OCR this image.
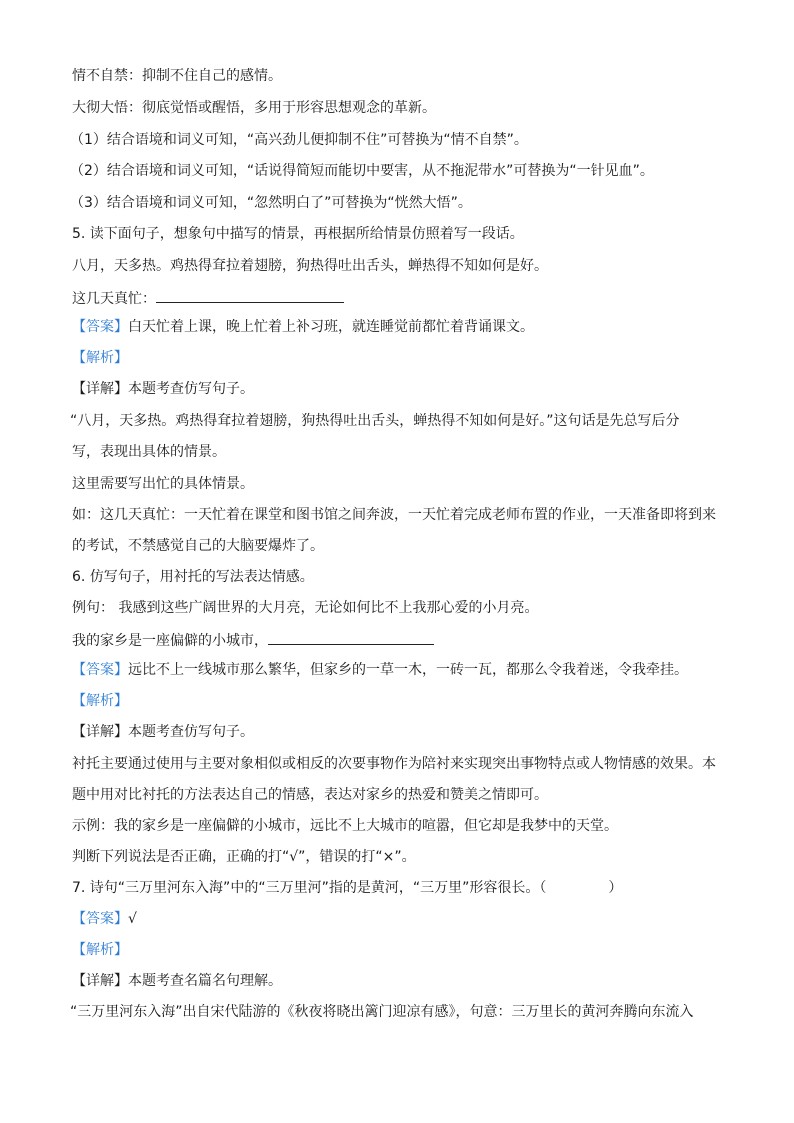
情不自禁：抑制不住自己的感情。
大彻大悟：彻底觉悟或醒悟，多用于形容思想观念的革新。
（1）结合语境和词义可知，“高兴劲儿便抑制不住”可替换为“情不自禁”。
（2）结合语境和词义可知，“话说得简短而能切中要害，从不拖泥带水”可替换为“一针见血”。
（3）结合语境和词义可知，“忽然明白了”可替换为“恍然大悟”。
5. 读下面句子，想象句中描写的情景，再根据所给情景仿照着写一段话。
八月，天多热。鸡热得耷拉着翅膀，狗热得吐出舌头，蝉热得不知如何是好。
这几天真忙：
【答案】白天忙着上课，晚上忙着上补习班，就连睡觉前都忙着背诵课文。
【解析】
【详解】本题考查仿写句子。
“八月，天多热。鸡热得耷拉着翅膀，狗热得吐出舌头，蝉热得不知如何是好。”这句话是先总写后分
写，表现出具体的情景。
这里需要写出忙的具体情景。
如：这几天真忙：一天忙着在课堂和图书馆之间奔波，一天忙着完成老师布置的作业，一天准备即将到来
的考试，不禁感觉自己的大脑要爆炸了。
6. 仿写句子，用衬托的写法表达情感。
例句： 我感到这些广阔世界的大月亮，无论如何比不上我那心爱的小月亮。
我的家乡是一座偏僻的小城市，
【答案】远比不上一线城市那么繁华，但家乡的一草一木，一砖一瓦，都那么令我着迷，令我牵挂。
【解析】
【详解】本题考查仿写句子。
衬托主要通过使用与主要对象相似或相反的次要事物作为陪衬来实现突出事物特点或人物情感的效果。本
题中用对比衬托的方法表达自己的情感，表达对家乡的热爱和赞美之情即可。
示例：我的家乡是一座偏僻的小城市，远比不上大城市的喧嚣，但它却是我梦中的天堂。
判断下列说法是否正确，正确的打“√”，错误的打“×”。
7. 诗句“三万里河东入海”中的“三万里河”指的是黄河，“三万里”形容很长。（	）
【答案】√
【解析】
【详解】本题考查名篇名句理解。
“三万里河东入海”出自宋代陆游的《秋夜将晓出篱门迎凉有感》，句意：三万里长的黄河奔腾向东流入
